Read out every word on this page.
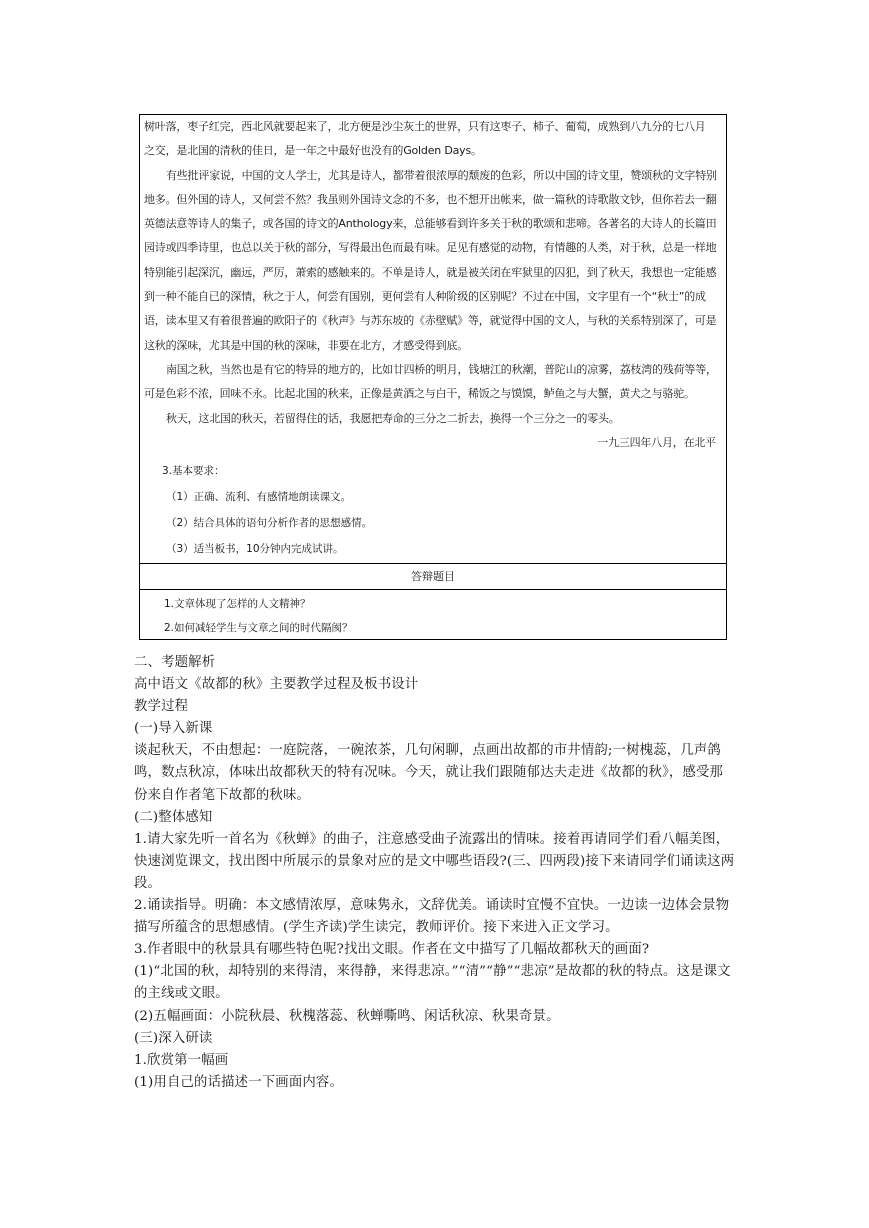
树叶落，枣子红完，西北风就要起来了，北方便是沙尘灰土的世界，只有这枣子、柿子、葡萄，成熟到八九分的七八月

之交，是北国的清秋的佳日，是一年之中最好也没有的Golden Days。

有些批评家说，中国的文人学士，尤其是诗人，都带着很浓厚的颓废的色彩，所以中国的诗文里，赞颂秋的文字特别地多。但外国的诗人，又何尝不然？我虽则外国诗文念的不多，也不想开出帐来，做一篇秋的诗歌散文钞，但你若去一翻英德法意等诗人的集子，或各国的诗文的Anthology来，总能够看到许多关于秋的歌颂和悲啼。各著名的大诗人的长篇田园诗或四季诗里，也总以关于秋的部分，写得最出色而最有味。足见有感觉的动物，有情趣的人类，对于秋，总是一样地特别能引起深沉，幽远，严厉，萧索的感触来的。不单是诗人，就是被关闭在牢狱里的囚犯，到了秋天，我想也一定能感到一种不能自已的深情，秋之于人，何尝有国别，更何尝有人种阶级的区别呢？不过在中国，文字里有一个“秋士”的成语，读本里又有着很普遍的欧阳子的《秋声》与苏东坡的《赤壁赋》等，就觉得中国的文人，与秋的关系特别深了，可是这秋的深味，尤其是中国的秋的深味，非要在北方，才感受得到底。

南国之秋，当然也是有它的特异的地方的，比如廿四桥的明月，钱塘江的秋潮，普陀山的凉雾，荔枝湾的残荷等等，可是色彩不浓，回味不永。比起北国的秋来，正像是黄酒之与白干，稀饭之与馍馍，鲈鱼之与大蟹，黄犬之与骆驼。

秋天，这北国的秋天，若留得住的话，我愿把寿命的三分之二折去，换得一个三分之一的零头。

一九三四年八月，在北平

3.基本要求：
（1）正确、流利、有感情地朗读课文。
（2）结合具体的语句分析作者的思想感情。
（3）适当板书，10分钟内完成试讲。
答辩题目
1.文章体现了怎样的人文精神？
2.如何减轻学生与文章之间的时代隔阂？
二、考题解析
高中语文《故都的秋》主要教学过程及板书设计
教学过程
(一)导入新课
谈起秋天，不由想起：一庭院落，一碗浓茶，几句闲聊，点画出故都的市井情韵;一树槐蕊，几声鸽鸣，数点秋凉，体味出故都秋天的特有况味。今天，就让我们跟随郁达夫走进《故都的秋》，感受那份来自作者笔下故都的秋味。
(二)整体感知
1.请大家先听一首名为《秋蝉》的曲子，注意感受曲子流露出的情味。接着再请同学们看八幅美图，快速浏览课文，找出图中所展示的景象对应的是文中哪些语段?(三、四两段)接下来请同学们诵读这两段。
2.诵读指导。明确：本文感情浓厚，意味隽永，文辞优美。诵读时宜慢不宜快。一边读一边体会景物描写所蕴含的思想感情。(学生齐读)学生读完，教师评价。接下来进入正文学习。
3.作者眼中的秋景具有哪些特色呢?找出文眼。作者在文中描写了几幅故都秋天的画面?
(1)“北国的秋，却特别的来得清，来得静，来得悲凉。”“清”“静”“悲凉”是故都的秋的特点。这是课文的主线或文眼。
(2)五幅画面：小院秋晨、秋槐落蕊、秋蝉嘶鸣、闲话秋凉、秋果奇景。
(三)深入研读
1.欣赏第一幅画
(1)用自己的话描述一下画面内容。
